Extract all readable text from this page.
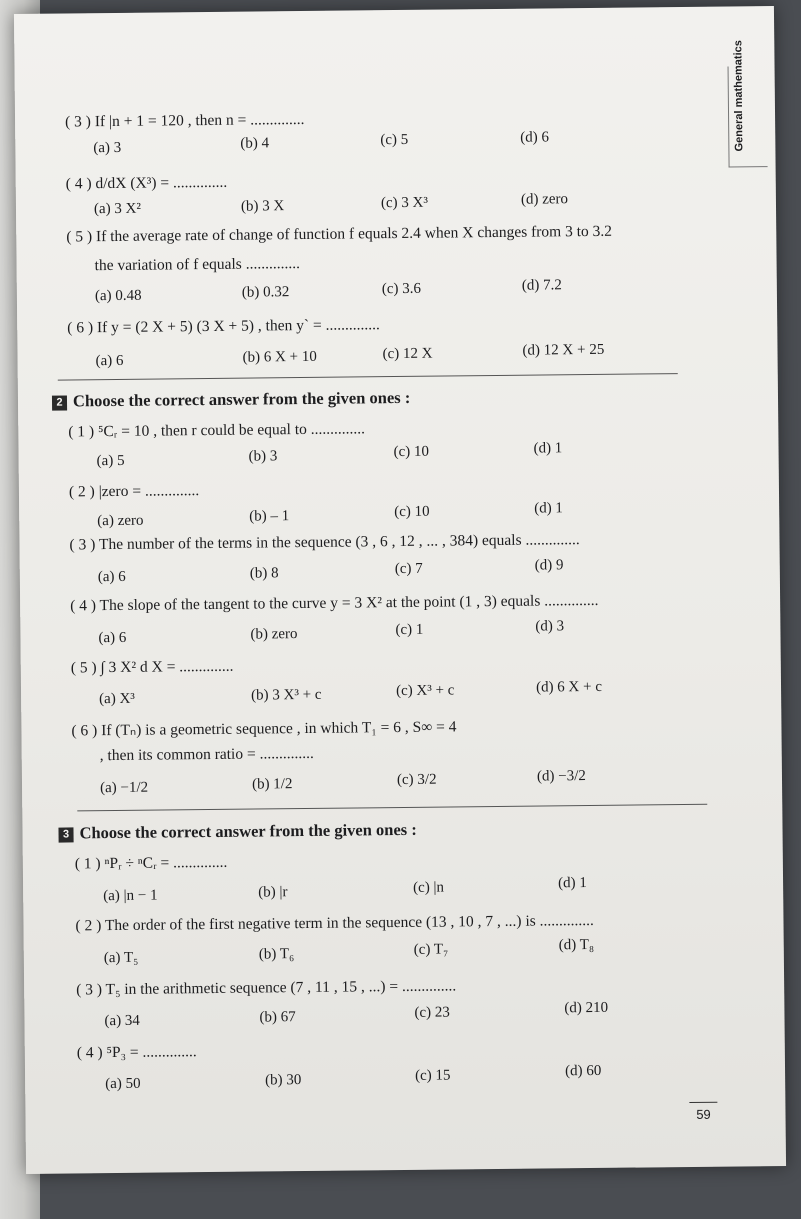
General mathematics
( 3 ) If |n + 1 = 120 , then n = ..............
(a) 3	(b) 4	(c) 5	(d) 6
( 4 ) d/dX (X³) = ..............
(a) 3 X²	(b) 3 X	(c) 3 X³	(d) zero
( 5 ) If the average rate of change of function f equals 2.4 when X changes from 3 to 3.2
the variation of f equals ..............
(a) 0.48	(b) 0.32	(c) 3.6	(d) 7.2
( 6 ) If y = (2 X + 5) (3 X + 5) , then y` = ..............
(a) 6	(b) 6 X + 10	(c) 12 X	(d) 12 X + 25
2 Choose the correct answer from the given ones :
( 1 ) ⁵Cᵣ = 10 , then r could be equal to ..............
(a) 5	(b) 3	(c) 10	(d) 1
( 2 ) |zero = ..............
(a) zero	(b) – 1	(c) 10	(d) 1
( 3 ) The number of the terms in the sequence (3 , 6 , 12 , ... , 384) equals ..............
(a) 6	(b) 8	(c) 7	(d) 9
( 4 ) The slope of the tangent to the curve y = 3 X² at the point (1 , 3) equals ..............
(a) 6	(b) zero	(c) 1	(d) 3
( 5 ) ∫ 3 X² d X = ..............
(a) X³	(b) 3 X³ + c	(c) X³ + c	(d) 6 X + c
( 6 ) If (Tₙ) is a geometric sequence , in which T₁ = 6 , S∞ = 4
, then its common ratio = ..............
(a) −1/2	(b) 1/2	(c) 3/2	(d) −3/2
3 Choose the correct answer from the given ones :
( 1 ) ⁿPᵣ ÷ ⁿCᵣ = ..............
(a) |n − 1	(b) |r	(c) |n	(d) 1
( 2 ) The order of the first negative term in the sequence (13 , 10 , 7 , ...) is ..............
(a) T₅	(b) T₆	(c) T₇	(d) T₈
( 3 ) T₅ in the arithmetic sequence (7 , 11 , 15 , ...) = ..............
(a) 34	(b) 67	(c) 23	(d) 210
( 4 ) ⁵P₃ = ..............
(a) 50	(b) 30	(c) 15	(d) 60
59
